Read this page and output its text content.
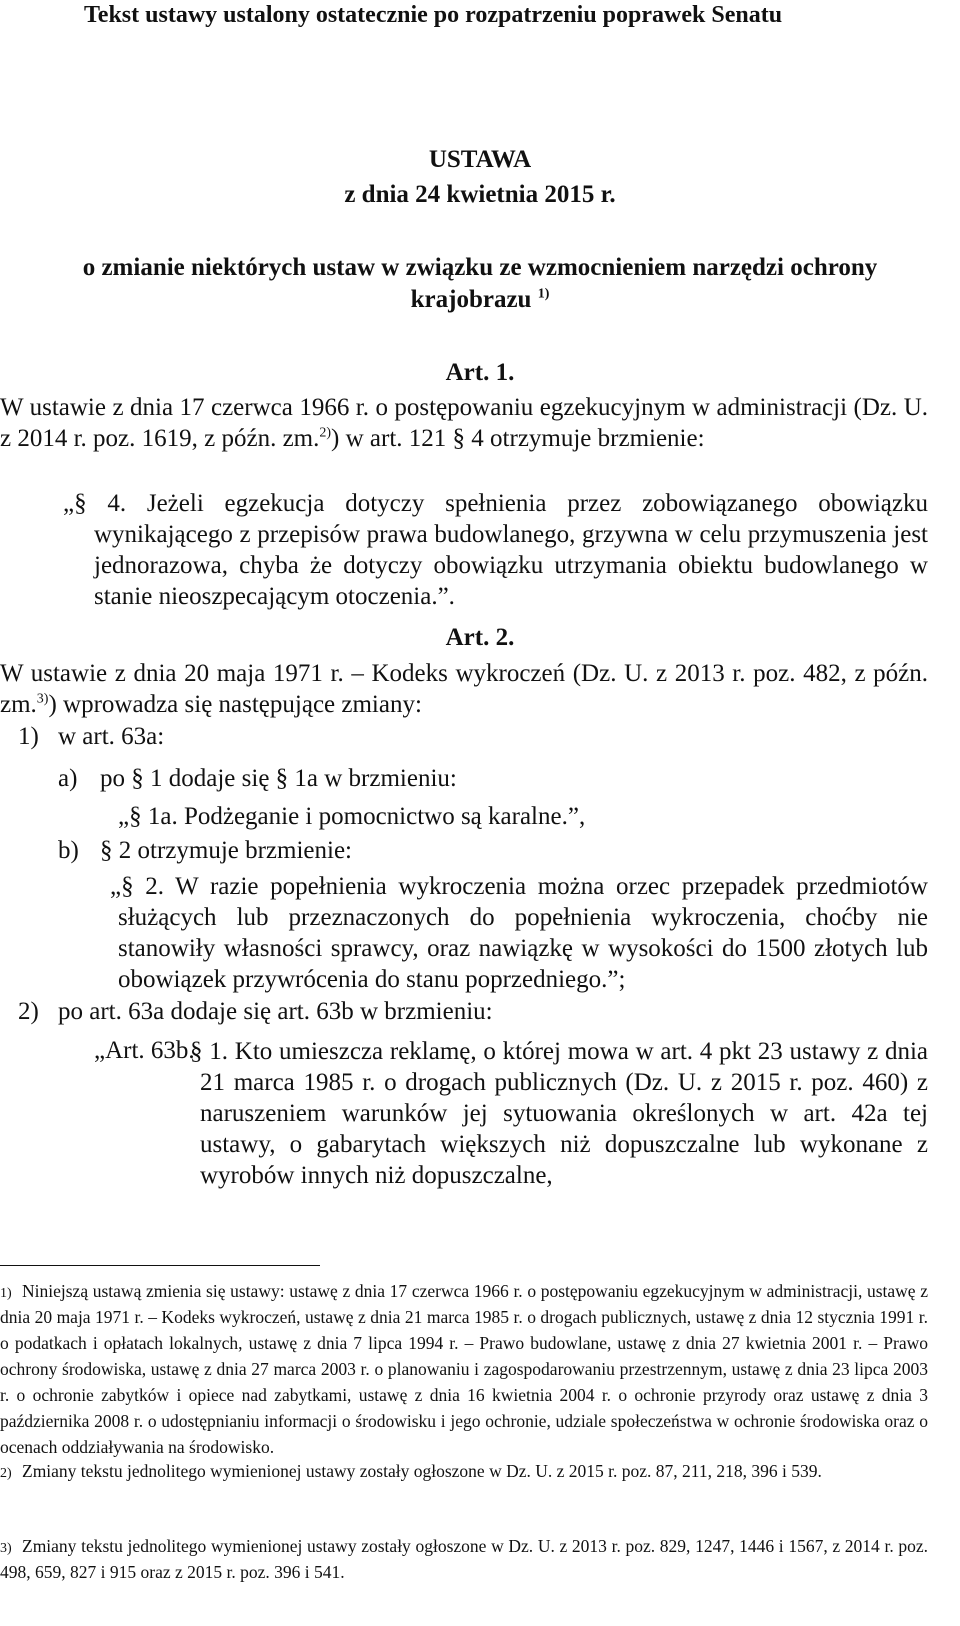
Tekst ustawy ustalony ostatecznie po rozpatrzeniu poprawek Senatu
USTAWA
z dnia 24 kwietnia 2015 r.
o zmianie niektórych ustaw w związku ze wzmocnieniem narzędzi ochrony
krajobrazu $^{1)}$
Art. 1.
W ustawie z dnia 17 czerwca 1966 r. o postępowaniu egzekucyjnym w administracji (Dz. U. z 2014 r. poz. 1619, z późn. zm.$^{2)}$) w art. 121 § 4 otrzymuje brzmienie:
„§ 4. Jeżeli egzekucja dotyczy spełnienia przez zobowiązanego obowiązku wynikającego z przepisów prawa budowlanego, grzywna w celu przymuszenia jest jednorazowa, chyba że dotyczy obowiązku utrzymania obiektu budowlanego w stanie nieoszpecającym otoczenia.”.
Art. 2.
W ustawie z dnia 20 maja 1971 r. – Kodeks wykroczeń (Dz. U. z 2013 r. poz. 482, z późn. zm.$^{3)}$) wprowadza się następujące zmiany:
1) w art. 63a:
a) po § 1 dodaje się § 1a w brzmieniu:
„§ 1a. Podżeganie i pomocnictwo są karalne.”,
b) § 2 otrzymuje brzmienie:
„§ 2. W razie popełnienia wykroczenia można orzec przepadek przedmiotów służących lub przeznaczonych do popełnienia wykroczenia, choćby nie stanowiły własności sprawcy, oraz nawiązkę w wysokości do 1500 złotych lub obowiązek przywrócenia do stanu poprzedniego.”;
2) po art. 63a dodaje się art. 63b w brzmieniu:
„Art. 63b.
§ 1. Kto umieszcza reklamę, o której mowa w art. 4 pkt 23 ustawy z dnia 21 marca 1985 r. o drogach publicznych (Dz. U. z 2015 r. poz. 460) z naruszeniem warunków jej sytuowania określonych w art. 42a tej ustawy, o gabarytach większych niż dopuszczalne lub wykonane z wyrobów innych niż dopuszczalne,
$^{1)}$ Niniejszą ustawą zmienia się ustawy: ustawę z dnia 17 czerwca 1966 r. o postępowaniu egzekucyjnym w administracji, ustawę z dnia 20 maja 1971 r. – Kodeks wykroczeń, ustawę z dnia 21 marca 1985 r. o drogach publicznych, ustawę z dnia 12 stycznia 1991 r. o podatkach i opłatach lokalnych, ustawę z dnia 7 lipca 1994 r. – Prawo budowlane, ustawę z dnia 27 kwietnia 2001 r. – Prawo ochrony środowiska, ustawę z dnia 27 marca 2003 r. o planowaniu i zagospodarowaniu przestrzennym, ustawę z dnia 23 lipca 2003 r. o ochronie zabytków i opiece nad zabytkami, ustawę z dnia 16 kwietnia 2004 r. o ochronie przyrody oraz ustawę z dnia 3 października 2008 r. o udostępnianiu informacji o środowisku i jego ochronie, udziale społeczeństwa w ochronie środowiska oraz o ocenach oddziaływania na środowisko.
$^{2)}$ Zmiany tekstu jednolitego wymienionej ustawy zostały ogłoszone w Dz. U. z 2015 r. poz. 87, 211, 218, 396 i 539.
$^{3)}$ Zmiany tekstu jednolitego wymienionej ustawy zostały ogłoszone w Dz. U. z 2013 r. poz. 829, 1247, 1446 i 1567, z 2014 r. poz. 498, 659, 827 i 915 oraz z 2015 r. poz. 396 i 541.
